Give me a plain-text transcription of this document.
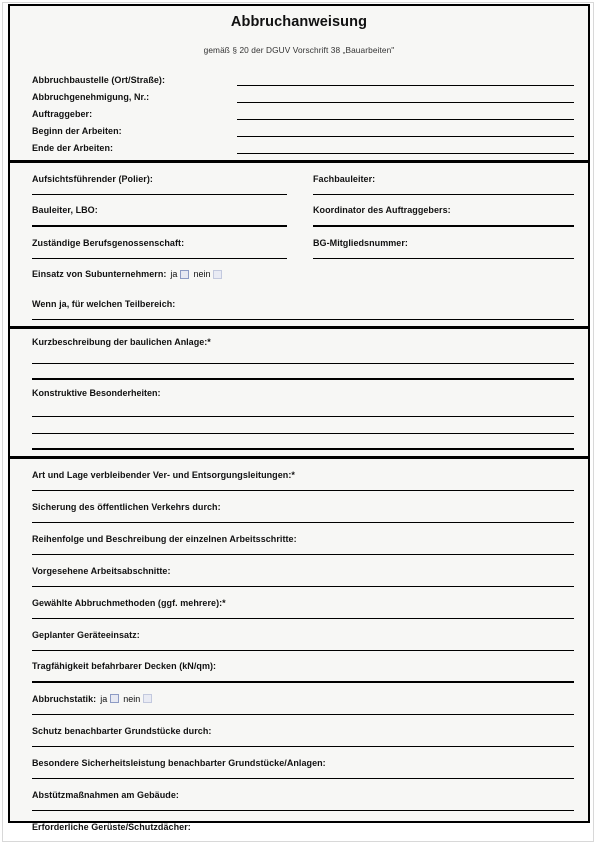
Abbruchanweisung
gemäß § 20 der DGUV Vorschrift 38 „Bauarbeiten"
Abbruchbaustelle (Ort/Straße):
Abbruchgenehmigung, Nr.:
Auftraggeber:
Beginn der Arbeiten:
Ende der Arbeiten:
Aufsichtsführender (Polier):
Bauleiter, LBO:
Zuständige Berufsgenossenschaft:
Fachbauleiter:
Koordinator des Auftraggebers:
BG-Mitgliedsnummer:
Einsatz von Subunternehmern: ja nein
Wenn ja, für welchen Teilbereich:
Kurzbeschreibung der baulichen Anlage:*
Konstruktive Besonderheiten:
Art und Lage verbleibender Ver- und Entsorgungsleitungen:*
Sicherung des öffentlichen Verkehrs durch:
Reihenfolge und Beschreibung der einzelnen Arbeitsschritte:
Vorgesehene Arbeitsabschnitte:
Gewählte Abbruchmethoden (ggf. mehrere):*
Geplanter Geräteeinsatz:
Tragfähigkeit befahrbarer Decken (kN/qm):
Abbruchstatik: ja nein
Schutz benachbarter Grundstücke durch:
Besondere Sicherheitsleistung benachbarter Grundstücke/Anlagen:
Abstützmaßnahmen am Gebäude:
Erforderliche Gerüste/Schutzdächer:
